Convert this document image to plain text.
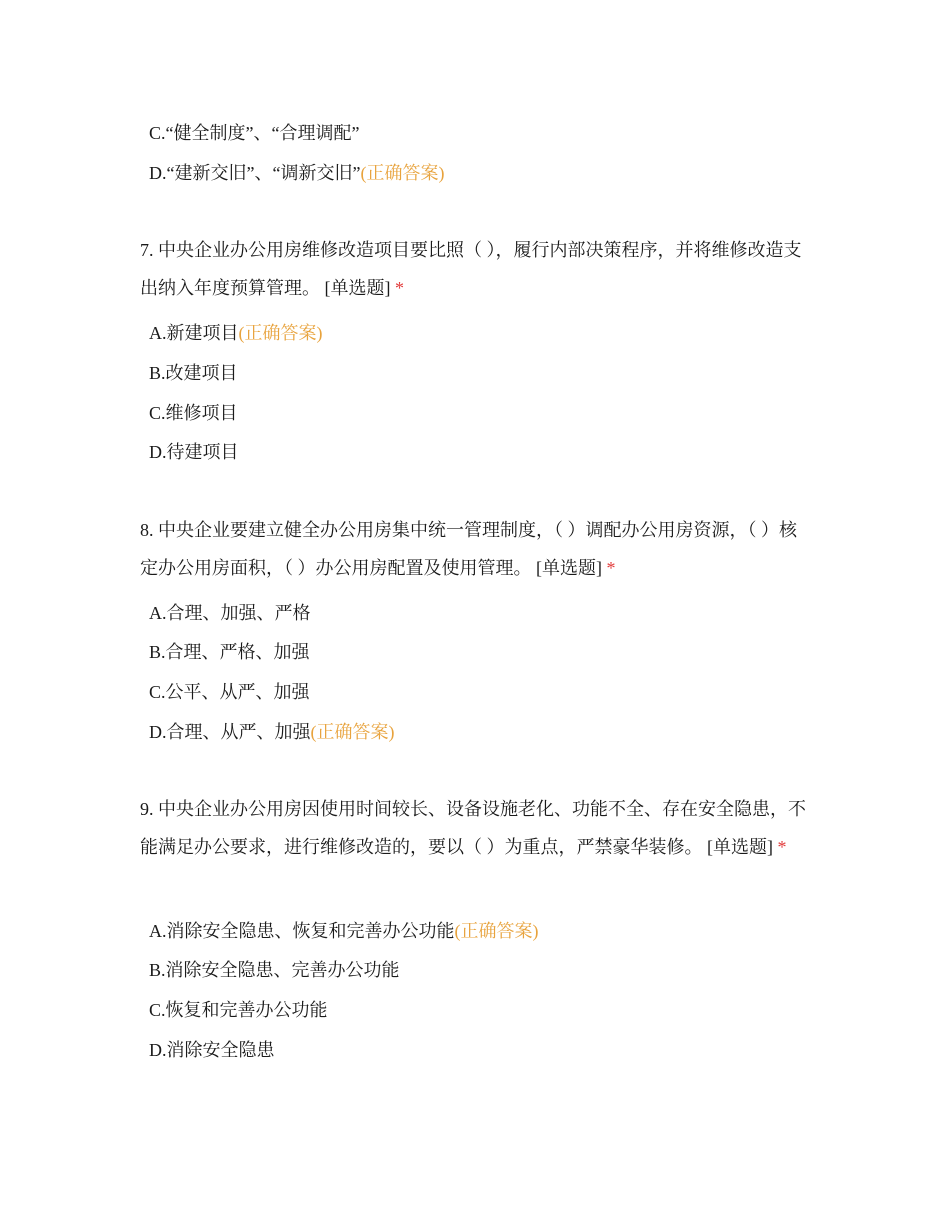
C.“健全制度”、“合理调配”
D.“建新交旧”、“调新交旧”(正确答案)

7. 中央企业办公用房维修改造项目要比照（ ），履行内部决策程序，并将维修改造支出纳入年度预算管理。 [单选题] *

A.新建项目(正确答案)
B.改建项目
C.维修项目
D.待建项目

8. 中央企业要建立健全办公用房集中统一管理制度，（ ）调配办公用房资源，（ ）核定办公用房面积，（ ）办公用房配置及使用管理。 [单选题] *

A.合理、加强、严格
B.合理、严格、加强
C.公平、从严、加强
D.合理、从严、加强(正确答案)

9. 中央企业办公用房因使用时间较长、设备设施老化、功能不全、存在安全隐患，不能满足办公要求，进行维修改造的，要以（ ）为重点，严禁豪华装修。 [单选题] *

A.消除安全隐患、恢复和完善办公功能(正确答案)
B.消除安全隐患、完善办公功能
C.恢复和完善办公功能
D.消除安全隐患
